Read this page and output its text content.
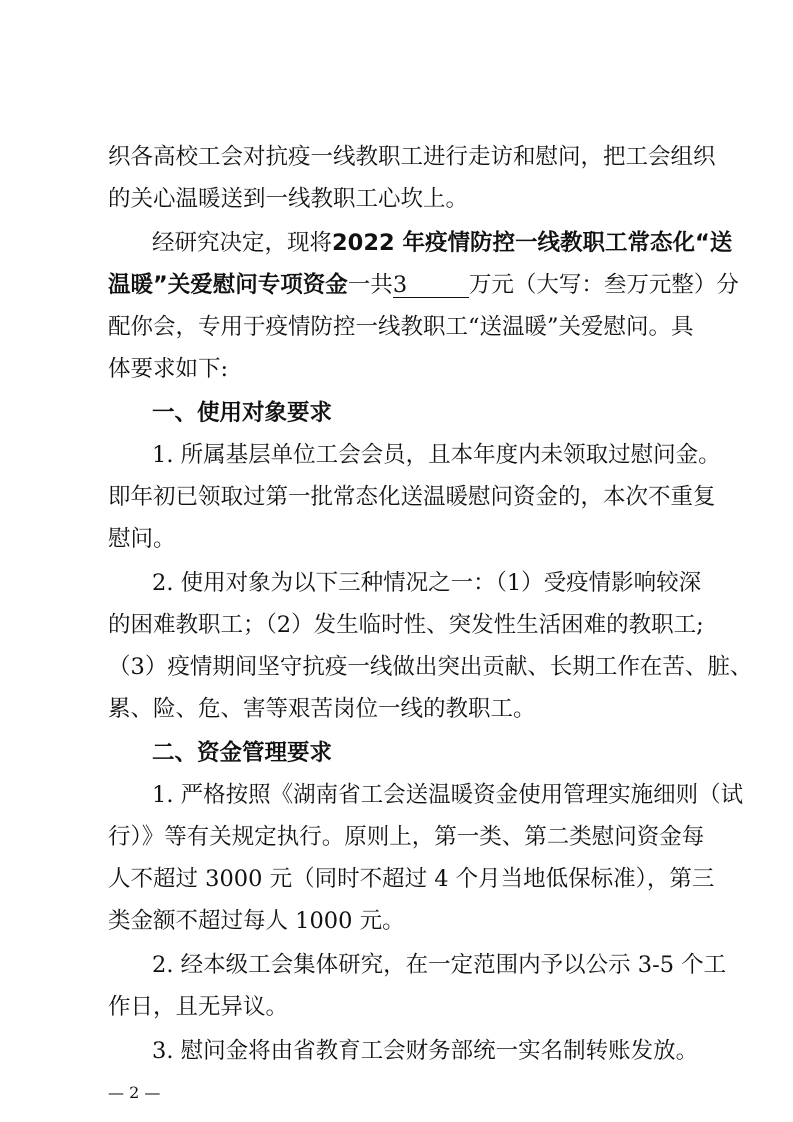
织各高校工会对抗疫一线教职工进行走访和慰问，把工会组织
的关心温暖送到一线教职工心坎上。
经研究决定，现将2022 年疫情防控一线教职工常态化“送
温暖”关爱慰问专项资金一共3	万元（大写：叁万元整）分
配你会，专用于疫情防控一线教职工“送温暖”关爱慰问。具
体要求如下:
一、使用对象要求
1. 所属基层单位工会会员，且本年度内未领取过慰问金。
即年初已领取过第一批常态化送温暖慰问资金的，本次不重复
慰问。
2. 使用对象为以下三种情况之一：（1）受疫情影响较深
的困难教职工；（2）发生临时性、突发性生活困难的教职工;
（3）疫情期间坚守抗疫一线做出突出贡献、长期工作在苦、脏、
累、险、危、害等艰苦岗位一线的教职工。
二、资金管理要求
1. 严格按照《湖南省工会送温暖资金使用管理实施细则（试
行）》等有关规定执行。原则上，第一类、第二类慰问资金每
人不超过 3000 元（同时不超过 4 个月当地低保标准），第三
类金额不超过每人 1000 元。
2. 经本级工会集体研究，在一定范围内予以公示 3-5 个工
作日，且无异议。
3. 慰问金将由省教育工会财务部统一实名制转账发放。
— 2 —
